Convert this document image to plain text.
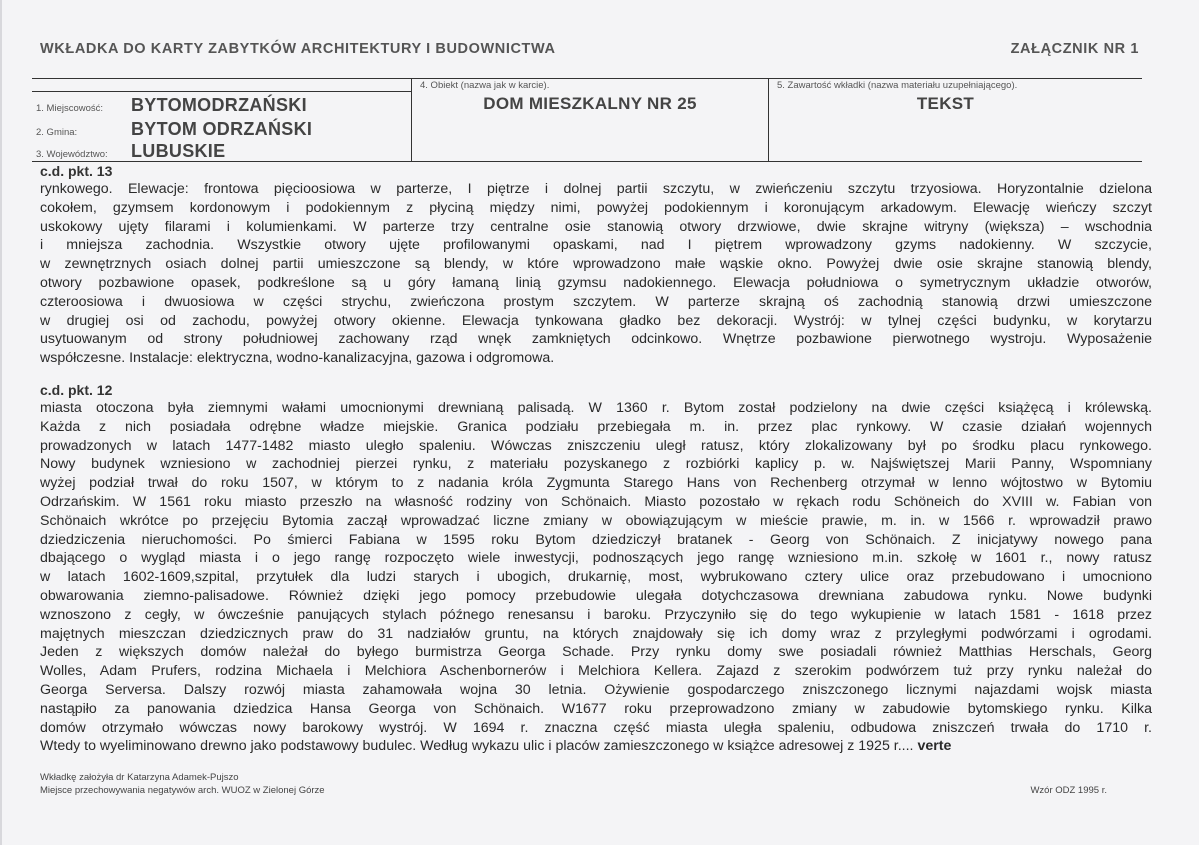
WKŁADKA DO KARTY ZABYTKÓW ARCHITEKTURY I BUDOWNICTWA	ZAŁĄCZNIK NR 1
1. Miejscowość: BYTOMODRZAŃSKI
2. Gmina:	BYTOM ODRZAŃSKI
3. Województwo: LUBUSKIE
4. Obiekt (nazwa jak w karcie).
DOM MIESZKALNY NR 25
5. Zawartość wkładki (nazwa materiału uzupełniającego).
TEKST
c.d. pkt. 13
rynkowego. Elewacje: frontowa pięcioosiowa w parterze, I piętrze i dolnej partii szczytu, w zwieńczeniu szczytu trzyosiowa. Horyzontalnie dzielona
cokołem, gzymsem kordonowym i podokiennym z płyciną między nimi, powyżej podokiennym i koronującym arkadowym. Elewację wieńczy szczyt
uskokowy ujęty filarami i kolumienkami. W parterze trzy centralne osie stanowią otwory drzwiowe, dwie skrajne witryny (większa) – wschodnia
i mniejsza zachodnia. Wszystkie otwory ujęte profilowanymi opaskami, nad I piętrem wprowadzony gzyms nadokienny. W szczycie,
w zewnętrznych osiach dolnej partii umieszczone są blendy, w które wprowadzono małe wąskie okno. Powyżej dwie osie skrajne stanowią blendy,
otwory pozbawione opasek, podkreślone są u góry łamaną linią gzymsu nadokiennego. Elewacja południowa o symetrycznym układzie otworów,
czteroosiowa i dwuosiowa w części strychu, zwieńczona prostym szczytem. W parterze skrajną oś zachodnią stanowią drzwi umieszczone
w drugiej osi od zachodu, powyżej otwory okienne. Elewacja tynkowana gładko bez dekoracji. Wystrój: w tylnej części budynku, w korytarzu
usytuowanym od strony południowej zachowany rząd wnęk zamkniętych odcinkowo. Wnętrze pozbawione pierwotnego wystroju. Wyposażenie
współczesne. Instalacje: elektryczna, wodno-kanalizacyjna, gazowa i odgromowa.
c.d. pkt. 12
miasta otoczona była ziemnymi wałami umocnionymi drewnianą palisadą. W 1360 r. Bytom został podzielony na dwie części książęcą i królewską.
Każda z nich posiadała odrębne władze miejskie. Granica podziału przebiegała m. in. przez plac rynkowy. W czasie działań wojennych
prowadzonych w latach 1477-1482 miasto uległo spaleniu. Wówczas zniszczeniu uległ ratusz, który zlokalizowany był po środku placu rynkowego.
Nowy budynek wzniesiono w zachodniej pierzei rynku, z materiału pozyskanego z rozbiórki kaplicy p. w. Najświętszej Marii Panny, Wspomniany
wyżej podział trwał do roku 1507, w którym to z nadania króla Zygmunta Starego Hans von Rechenberg otrzymał w lenno wójtostwo w Bytomiu
Odrzańskim. W 1561 roku miasto przeszło na własność rodziny von Schönaich. Miasto pozostało w rękach rodu Schöneich do XVIII w. Fabian von
Schönaich wkrótce po przejęciu Bytomia zaczął wprowadzać liczne zmiany w obowiązującym w mieście prawie, m. in. w 1566 r. wprowadził prawo
dziedziczenia nieruchomości. Po śmierci Fabiana w 1595 roku Bytom dziedziczył bratanek - Georg von Schönaich. Z inicjatywy nowego pana
dbającego o wygląd miasta i o jego rangę rozpoczęto wiele inwestycji, podnoszących jego rangę wzniesiono m.in. szkołę w 1601 r., nowy ratusz
w latach 1602-1609,szpital, przytułek dla ludzi starych i ubogich, drukarnię, most, wybrukowano cztery ulice oraz przebudowano i umocniono
obwarowania ziemno-palisadowe. Również dzięki jego pomocy przebudowie ulegała dotychczasowa drewniana zabudowa rynku. Nowe budynki
wznoszono z cegły, w ówcześnie panujących stylach późnego renesansu i baroku. Przyczyniło się do tego wykupienie w latach 1581 - 1618 przez
majętnych mieszczan dziedzicznych praw do 31 nadziałów gruntu, na których znajdowały się ich domy wraz z przyległymi podwórzami i ogrodami.
Jeden z większych domów należał do byłego burmistrza Georga Schade. Przy rynku domy swe posiadali również Matthias Herschals, Georg
Wolles, Adam Prufers, rodzina Michaela i Melchiora Aschenbornerów i Melchiora Kellera. Zajazd z szerokim podwórzem tuż przy rynku należał do
Georga Serversa. Dalszy rozwój miasta zahamowała wojna 30 letnia. Ożywienie gospodarczego zniszczonego licznymi najazdami wojsk miasta
nastąpiło za panowania dziedzica Hansa Georga von Schönaich. W1677 roku przeprowadzono zmiany w zabudowie bytomskiego rynku. Kilka
domów otrzymało wówczas nowy barokowy wystrój. W 1694 r. znaczna część miasta uległa spaleniu, odbudowa zniszczeń trwała do 1710 r.
Wtedy to wyeliminowano drewno jako podstawowy budulec. Według wykazu ulic i placów zamieszczonego w książce adresowej z 1925 r.... verte
Wkładkę założyła dr Katarzyna Adamek-Pujszo
Miejsce przechowywania negatywów arch. WUOZ w Zielonej Górze	Wzór ODZ 1995 r.
